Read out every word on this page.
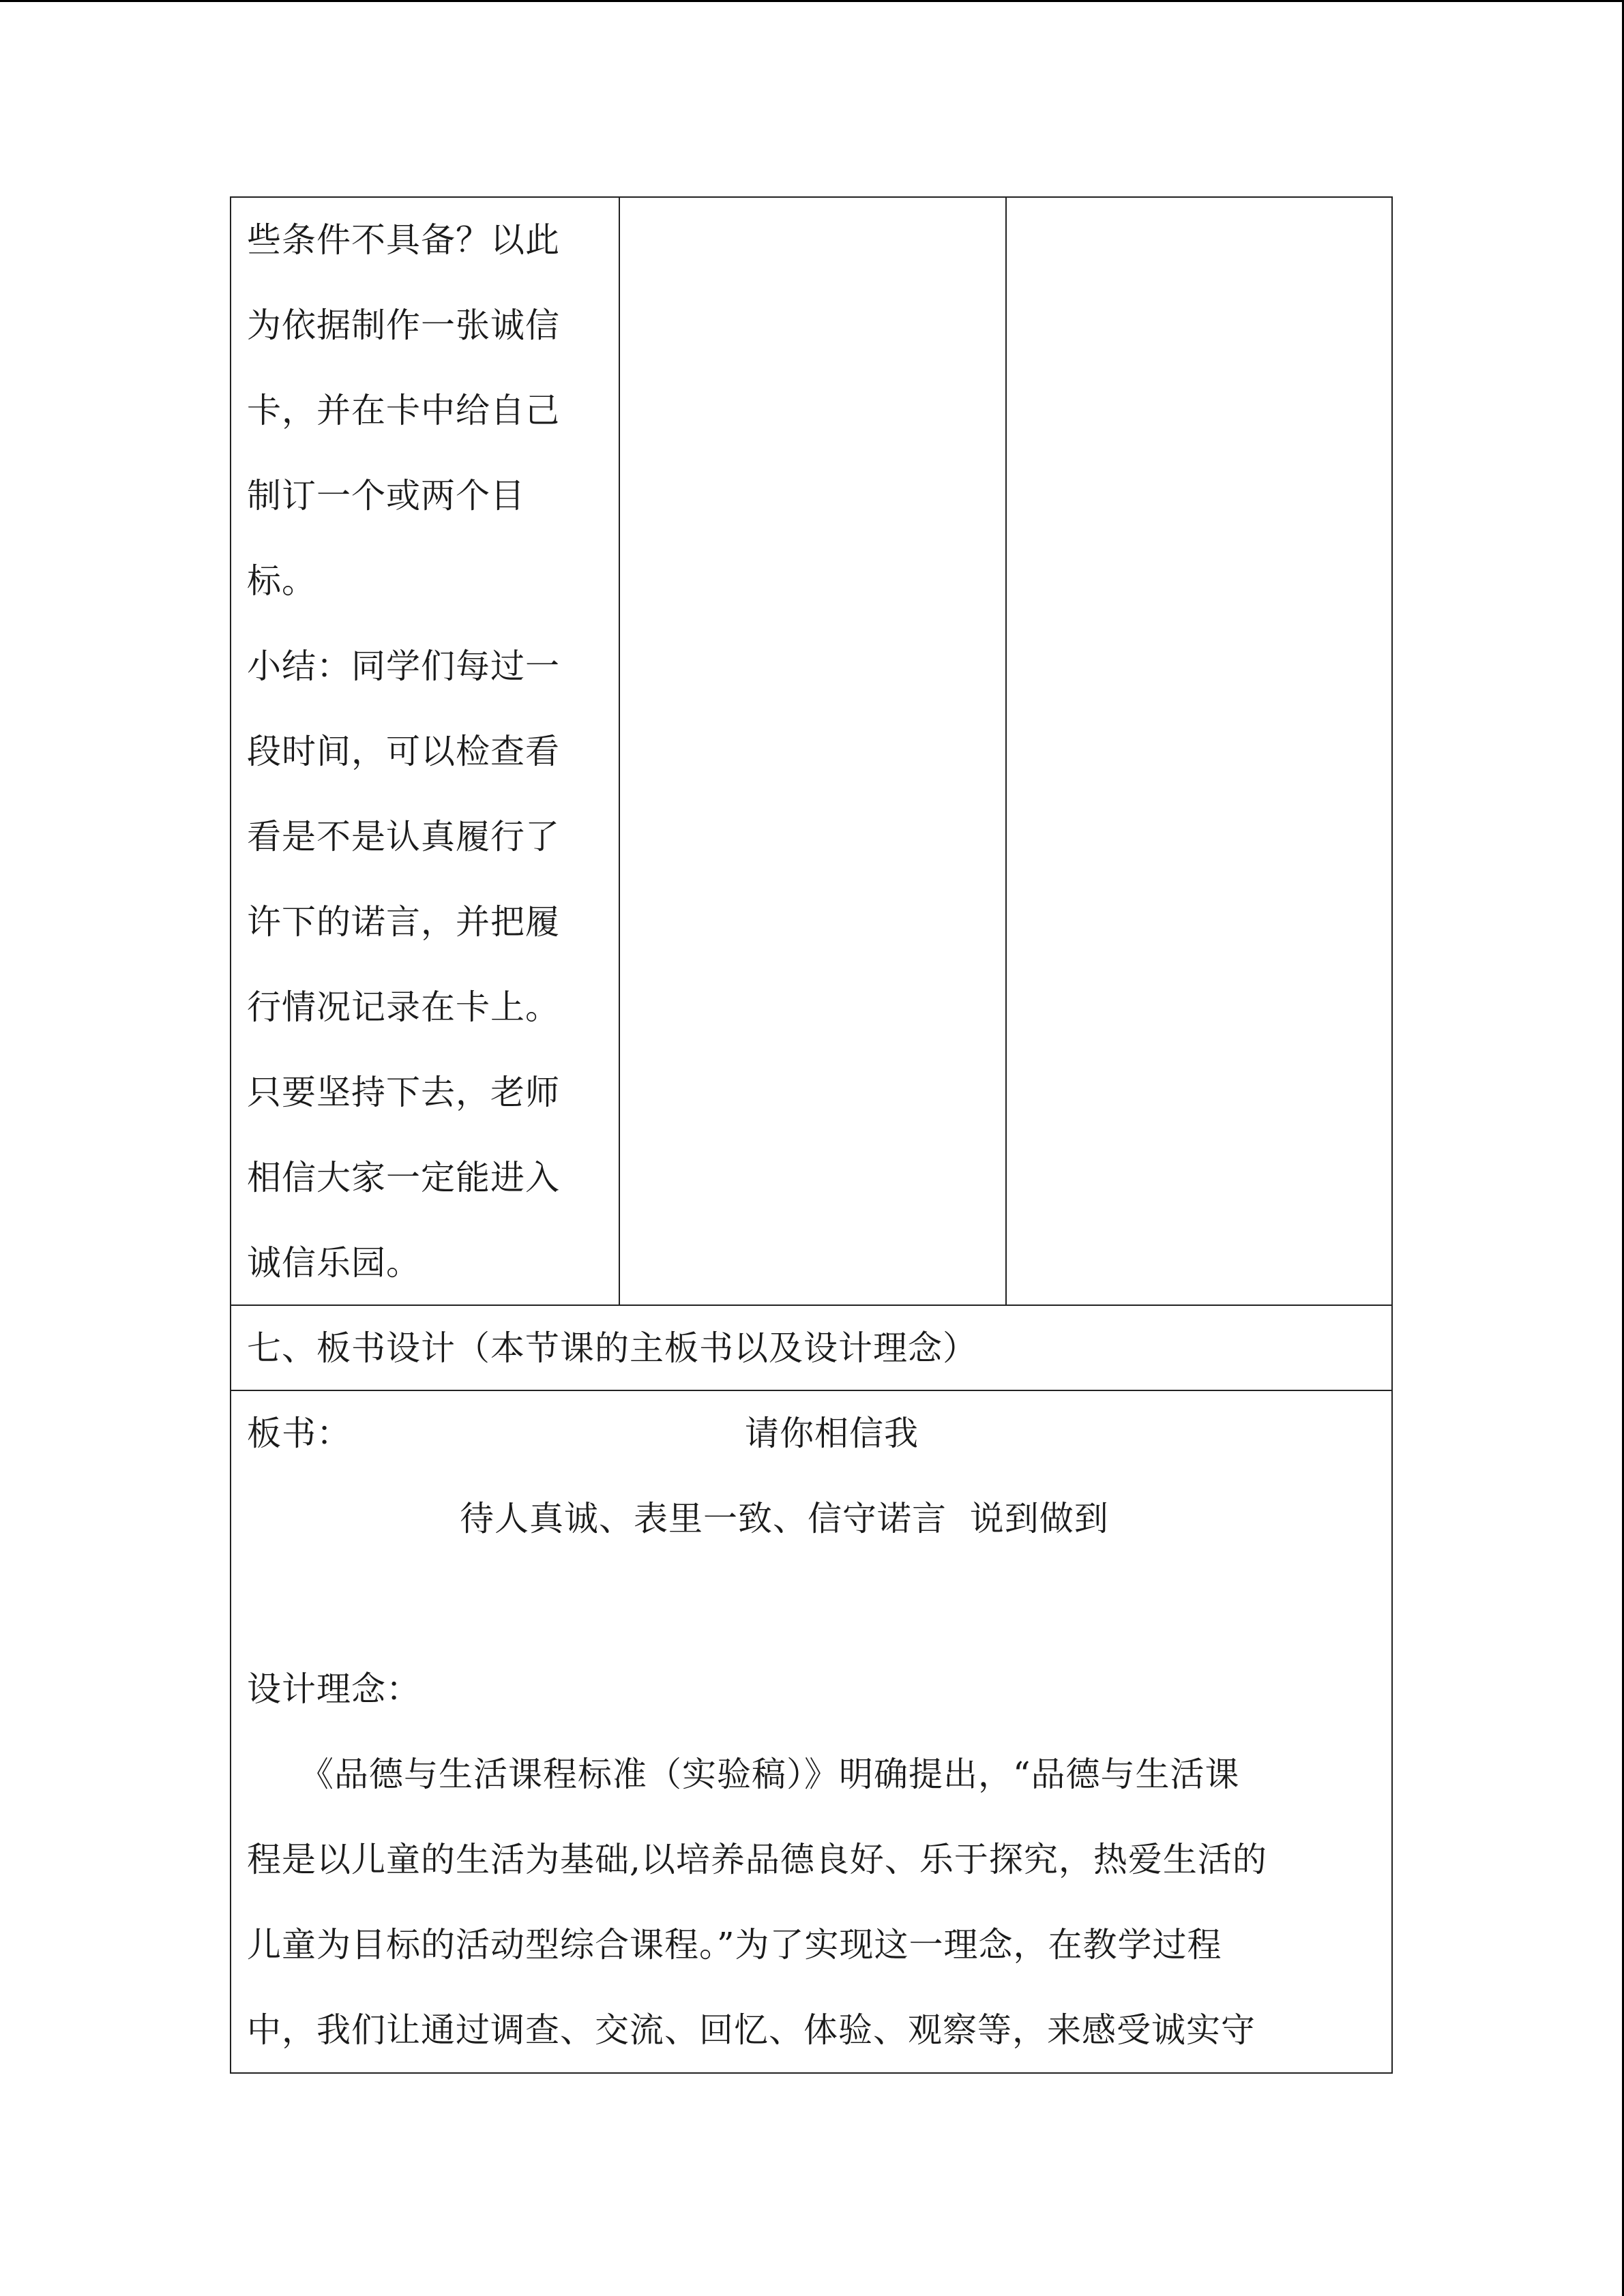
些条件不具备？以此
为依据制作一张诚信
卡，并在卡中给自己
制订一个或两个目
标。
小结：同学们每过一
段时间，可以检查看
看是不是认真履行了
许下的诺言，并把履
行情况记录在卡上。
只要坚持下去，老师
相信大家一定能进入
诚信乐园。
七、板书设计（本节课的主板书以及设计理念）
板书：	请你相信我
待人真诚、表里一致、信守诺言  说到做到
设计理念：
　　《品德与生活课程标准（实验稿）》明确提出，“品德与生活课
程是以儿童的生活为基础,以培养品德良好、乐于探究，热爱生活的
儿童为目标的活动型综合课程。”为了实现这一理念，在教学过程
中，我们让通过调查、交流、回忆、体验、观察等，来感受诚实守
